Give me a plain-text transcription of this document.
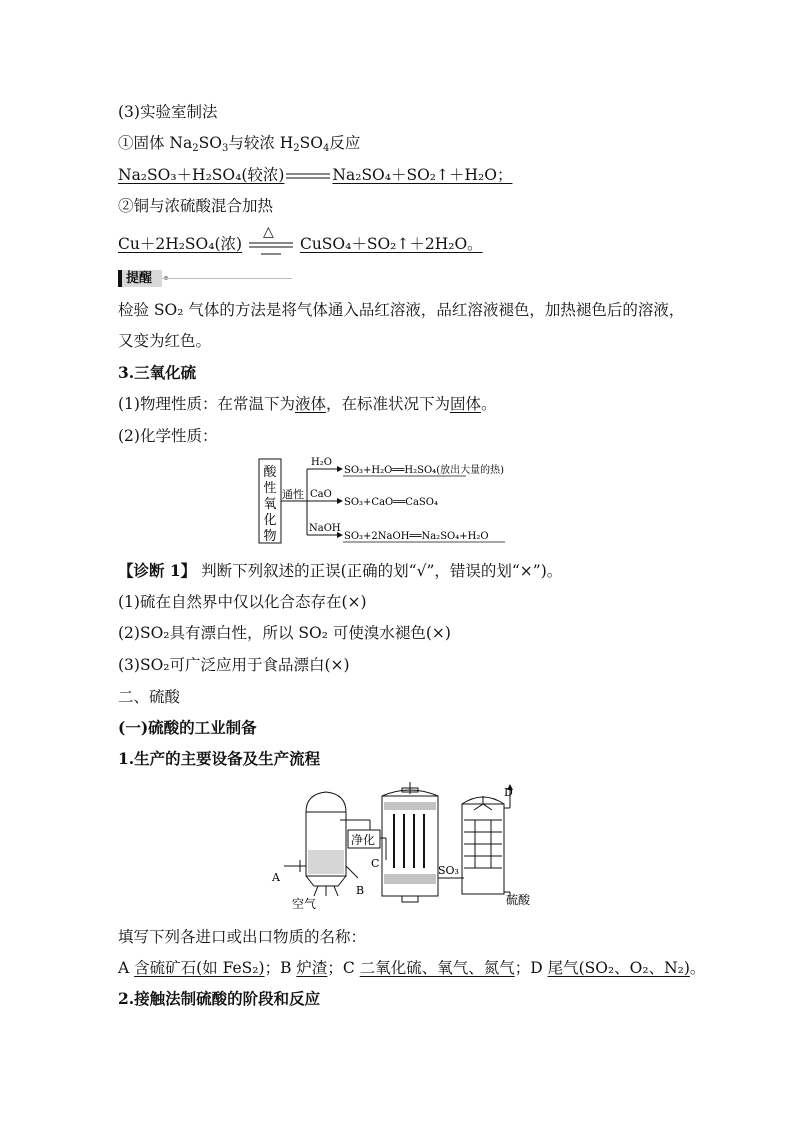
(3)实验室制法
①固体 $Na_2SO_3$与较浓 $H_2SO_4$反应
Na₂SO₃＋H₂SO₄(较浓)	Na₂SO₄＋SO₂↑＋H₂O；
②铜与浓硫酸混合加热
Cu＋2H₂SO₄(浓)
△
CuSO₄＋SO₂↑＋2H₂O。
提醒
检验 SO₂ 气体的方法是将气体通入品红溶液，品红溶液褪色，加热褪色后的溶液，
又变为红色。
3.三氧化硫
(1)物理性质：在常温下为液体，在标准状况下为固体。
(2)化学性质：
酸
性
氧
化
物
通性
H₂O
CaO
NaOH
SO₃+H₂O══H₂SO₄(放出大量的热)
SO₃+CaO══CaSO₄
SO₃+2NaOH══Na₂SO₄+H₂O
【诊断 1】 判断下列叙述的正误(正确的划“√”，错误的划“×”)。
(1)硫在自然界中仅以化合态存在(×)
(2)SO₂具有漂白性，所以 SO₂ 可使溴水褪色(×)
(3)SO₂可广泛应用于食品漂白(×)
二、硫酸
(一)硫酸的工业制备
1.生产的主要设备及生产流程
A
B
空气
净化
C
SO₃
D
硫酸
填写下列各进口或出口物质的名称：
A 含硫矿石(如 FeS₂)；B 炉渣；C 二氧化硫、氧气、氮气；D 尾气(SO₂、O₂、N₂)。
2.接触法制硫酸的阶段和反应
